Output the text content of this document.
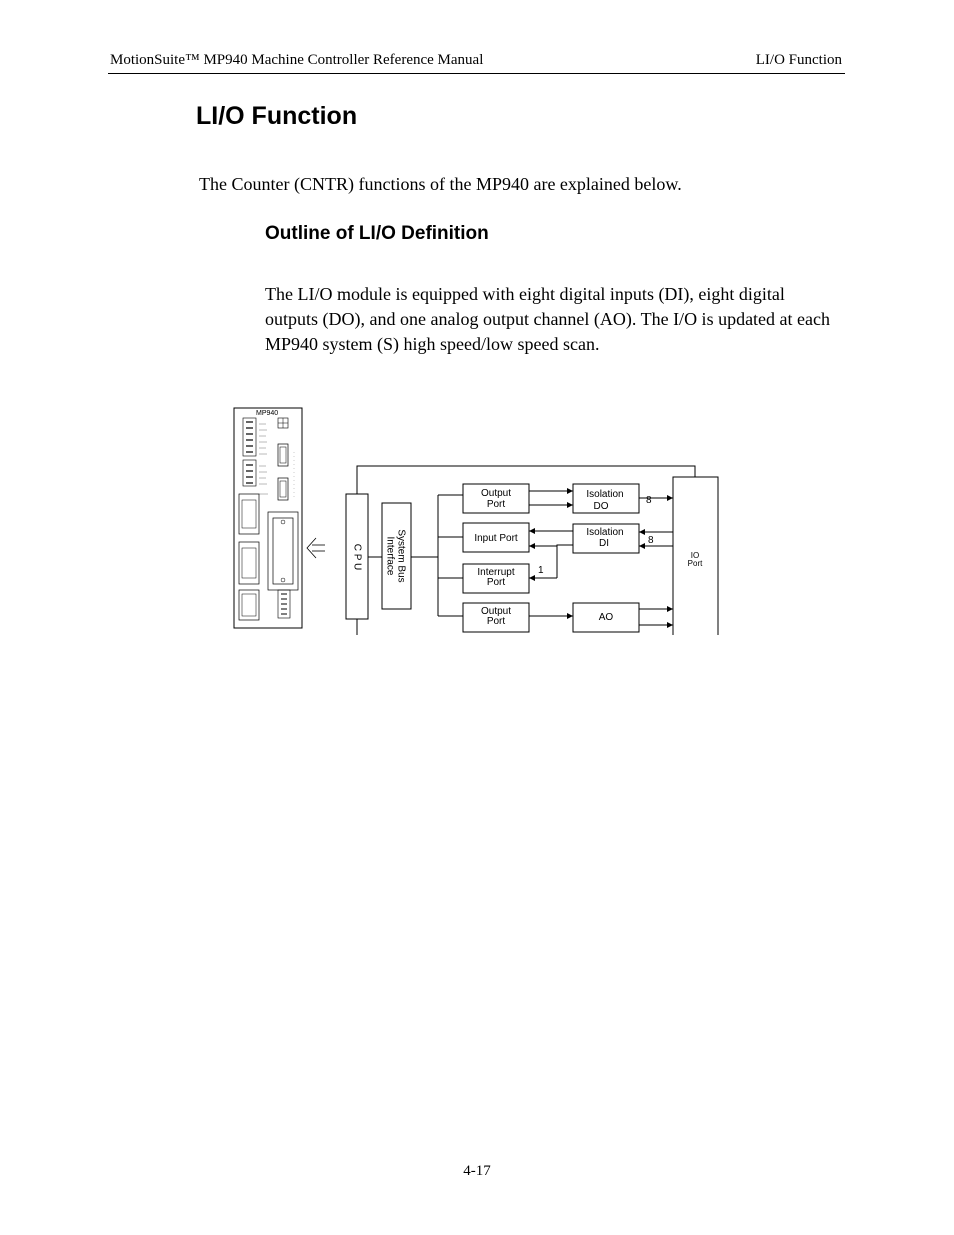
MotionSuite™ MP940 Machine Controller Reference Manual	LI/O Function
LI/O Function

The Counter (CNTR) functions of the MP940 are explained below.

Outline of LI/O Definition

The LI/O module is equipped with eight digital inputs (DI), eight digital outputs (DO), and one analog output channel (AO). The I/O is updated at each MP940 system (S) high speed/low speed scan.

MP940
C P U	System Bus
Interface
Output
Port
Input Port
Interrupt
Port
Output
Port
Isolation
DO
Isolation
DI
AO
IO
Port
8
8
1
4-17
